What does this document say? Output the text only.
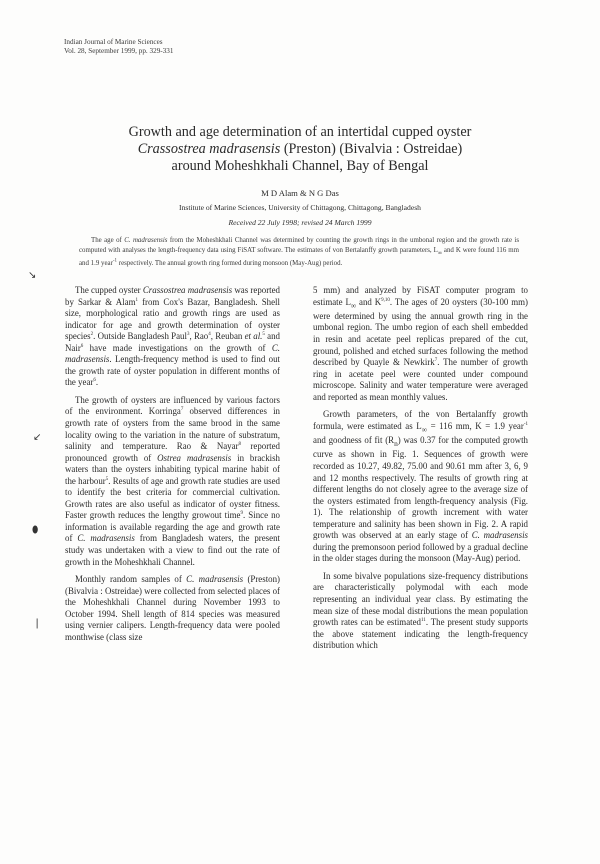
Indian Journal of Marine Sciences
Vol. 28, September 1999, pp. 329-331
Growth and age determination of an intertidal cupped oyster
Crassostrea madrasensis (Preston) (Bivalvia : Ostreidae)
around Moheshkhali Channel, Bay of Bengal
M D Alam & N G Das
Institute of Marine Sciences, University of Chittagong, Chittagong, Bangladesh
Received 22 July 1998; revised 24 March 1999
The age of C. madrasensis from the Moheshkhali Channel was determined by counting the growth rings in the umbonal region and the growth rate is computed with analyses the length-frequency data using FiSAT software. The estimates of von Bertalanffy growth parameters, $L_\infty$ and K were found 116 mm and 1.9 year$^{-1}$ respectively. The annual growth ring formed during monsoon (May-Aug) period.

The cupped oyster Crassostrea madrasensis was reported by Sarkar & Alam$^1$ from Cox's Bazar, Bangladesh. Shell size, morphological ratio and growth rings are used as indicator for age and growth determination of oyster species$^2$. Outside Bangladesh Paul$^3$, Rao$^4$, Reuban et al.$^5$ and Nair$^6$ have made investigations on the growth of C. madrasensis. Length-frequency method is used to find out the growth rate of oyster population in different months of the year$^6$.

The growth of oysters are influenced by various factors of the environment. Korringa$^7$ observed differences in growth rate of oysters from the same brood in the same locality owing to the variation in the nature of substratum, salinity and temperature. Rao & Nayar$^8$ reported pronounced growth of Ostrea madrasensis in brackish waters than the oysters inhabiting typical marine habit of the harbour$^5$. Results of age and growth rate studies are used to identify the best criteria for commercial cultivation. Growth rates are also useful as indicator of oyster fitness. Faster growth reduces the lengthy growout time$^9$. Since no information is available regarding the age and growth rate of C. madrasensis from Bangladesh waters, the present study was undertaken with a view to find out the rate of growth in the Moheshkhali Channel.

Monthly random samples of C. madrasensis (Preston) (Bivalvia : Ostreidae) were collected from selected places of the Moheshkhali Channel during November 1993 to October 1994. Shell length of 814 species was measured using vernier calipers. Length-frequency data were pooled monthwise (class size

5 mm) and analyzed by FiSAT computer program to estimate $L_\infty$ and K$^{9,10}$. The ages of 20 oysters (30-100 mm) were determined by using the annual growth ring in the umbonal region. The umbo region of each shell embedded in resin and acetate peel replicas prepared of the cut, ground, polished and etched surfaces following the method described by Quayle & Newkirk$^7$. The number of growth ring in acetate peel were counted under compound microscope. Salinity and water temperature were averaged and reported as mean monthly values.

Growth parameters, of the von Bertalanffy growth formula, were estimated as $L_\infty = 116$ mm, K = 1.9 year$^{-1}$ and goodness of fit $(R_n)$ was 0.37 for the computed growth curve as shown in Fig. 1. Sequences of growth were recorded as 10.27, 49.82, 75.00 and 90.61 mm after 3, 6, 9 and 12 months respectively. The results of growth ring at different lengths do not closely agree to the average size of the oysters estimated from length-frequency analysis (Fig. 1). The relationship of growth increment with water temperature and salinity has been shown in Fig. 2. A rapid growth was observed at an early stage of C. madrasensis during the premonsoon period followed by a gradual decline in the older stages during the monsoon (May-Aug) period.

In some bivalve populations size-frequency distributions are characteristically polymodal with each mode representing an individual year class. By estimating the mean size of these modal distributions the mean population growth rates can be estimated$^{11}$. The present study supports the above statement indicating the length-frequency distribution which

↘
↙
⬮
❘
